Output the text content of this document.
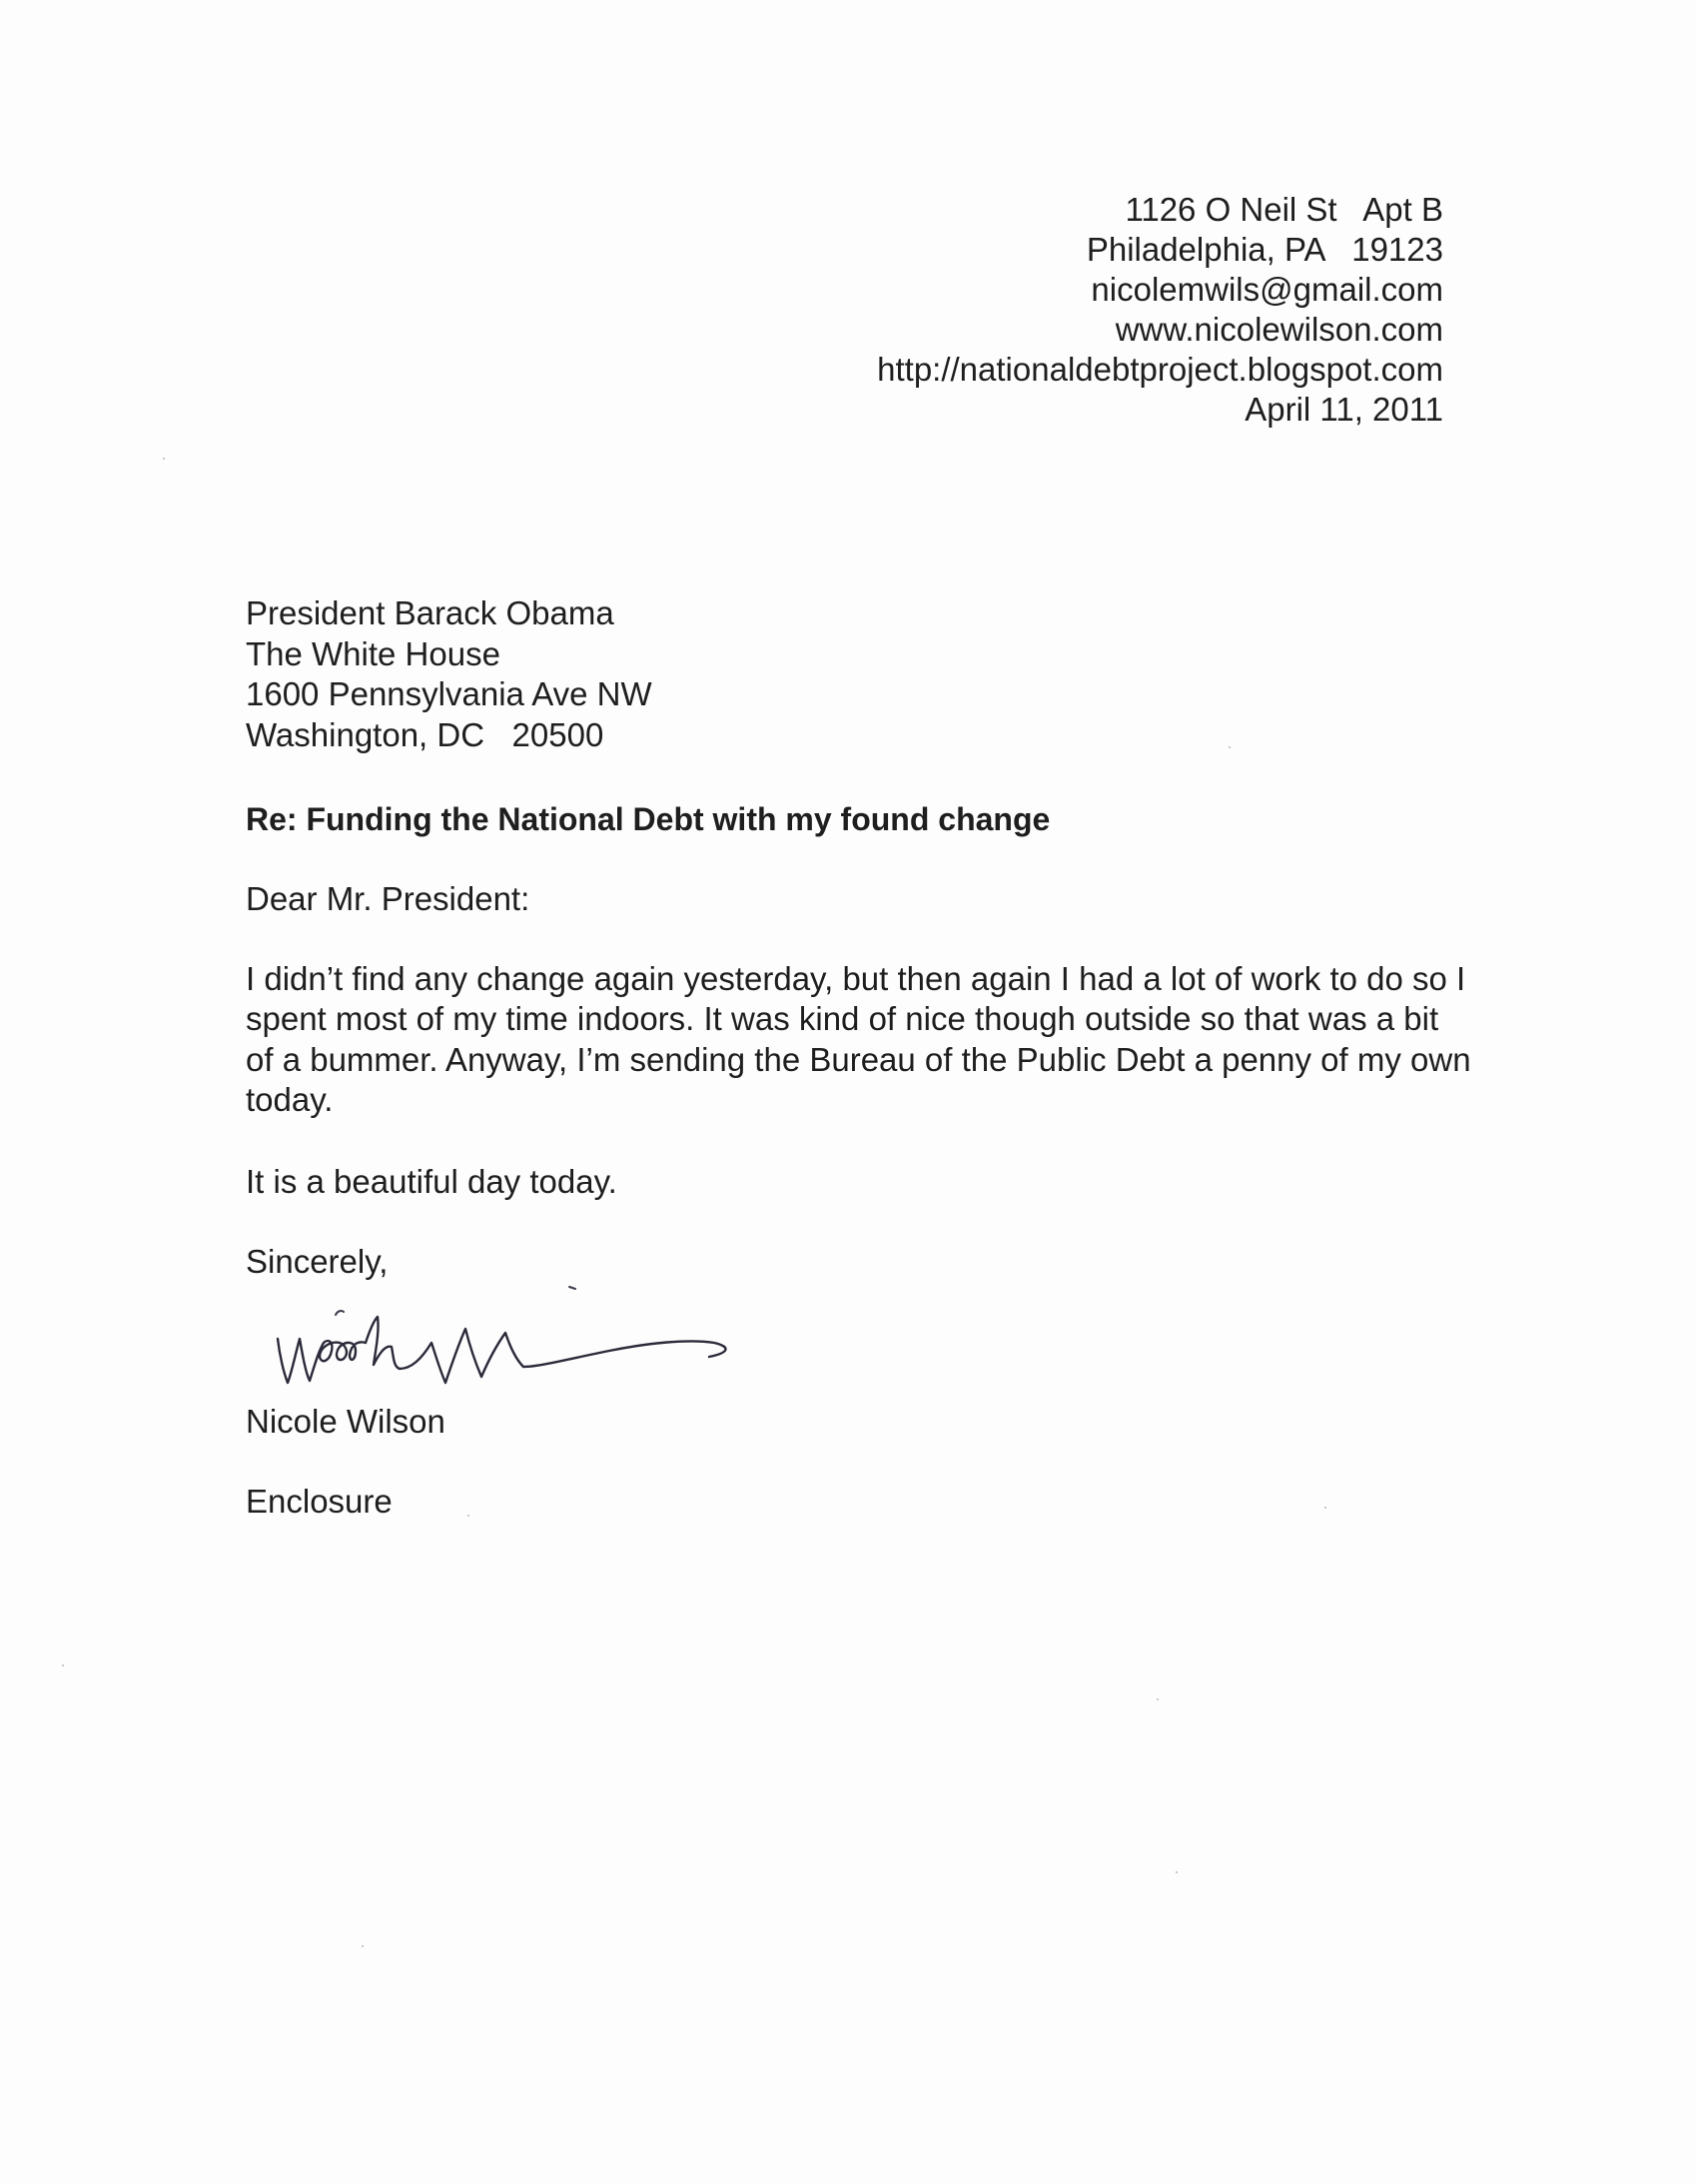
1126 O Neil St   Apt B
Philadelphia, PA   19123
nicolemwils@gmail.com
www.nicolewilson.com
http://nationaldebtproject.blogspot.com
April 11, 2011
President Barack Obama
The White House
1600 Pennsylvania Ave NW
Washington, DC   20500
Re: Funding the National Debt with my found change
Dear Mr. President:
I didn’t find any change again yesterday, but then again I had a lot of work to do so I spent most of my time indoors. It was kind of nice though outside so that was a bit of a bummer. Anyway, I’m sending the Bureau of the Public Debt a penny of my own today.
It is a beautiful day today.
Sincerely,
Nicole Wilson
Enclosure
